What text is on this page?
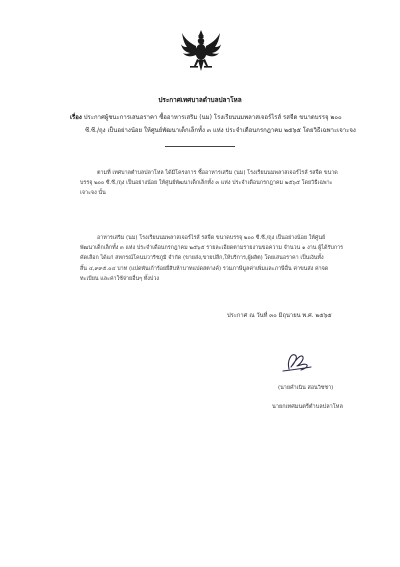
ประกาศเทศบาลตำบลปลาโหล
เรื่อง ประกาศผู้ชนะการเสนอราคา ซื้ออาหารเสริม (นม) โรงเรียนนมพลาสเจอร์ไรส์ รสจืด ขนาดบรรจุ ๒๐๐
ซี.ซี./ถุง เป็นอย่างน้อย ให้ศูนย์พัฒนาเด็กเล็กทั้ง ๓ แห่ง ประจำเดือนกรกฎาคม ๒๕๖๕ โดยวิธีเฉพาะเจาะจง
ตามที่ เทศบาลตำบลปลาโหล ได้มีโครงการ ซื้ออาหารเสริม (นม) โรงเรียนนมพลาสเจอร์ไรส์ รสจืด ขนาด
บรรจุ ๒๐๐ ซี.ซี./ถุง เป็นอย่างน้อย ให้ศูนย์พัฒนาเด็กเล็กทั้ง ๓ แห่ง ประจำเดือนกรกฎาคม ๒๕๖๕ โดยวิธีเฉพาะ
เจาะจง นั้น
อาหารเสริม (นม) โรงเรียนนมพลาสเจอร์ไรส์ รสจืด ขนาดบรรจุ ๒๐๐ ซี.ซี./ถุง เป็นอย่างน้อย ให้ศูนย์
พัฒนาเด็กเล็กทั้ง ๓ แห่ง ประจำเดือนกรกฎาคม ๒๕๖๕ รายละเอียดตามรายงานขอความ จำนวน ๑ งาน ผู้ได้รับการ
คัดเลือก ได้แก่ สหกรณ์โคนมวาริชภูมิ จำกัด (ขายส่ง,ขายปลีก,ให้บริการ,ผู้ผลิต) โดยเสนอราคา เป็นเงินทั้ง
สิ้น ๔,๙๙๕.๐๔ บาท (แปดพันเก้าร้อยยี่สิบห้าบาทแปดสตางค์) รวมภาษีมูลค่าเพิ่มและภาษีอื่น ค่าขนส่ง ค่าจด
ทะเบียน และค่าใช้จ่ายอื่นๆ ทั้งปวง
ประกาศ ณ วันที่ ๓๐ มิถุนายน พ.ศ. ๒๕๖๕
(นายคำเนิน สอนวิชชา)
นายกเทศมนตรีตำบลปลาโหล
